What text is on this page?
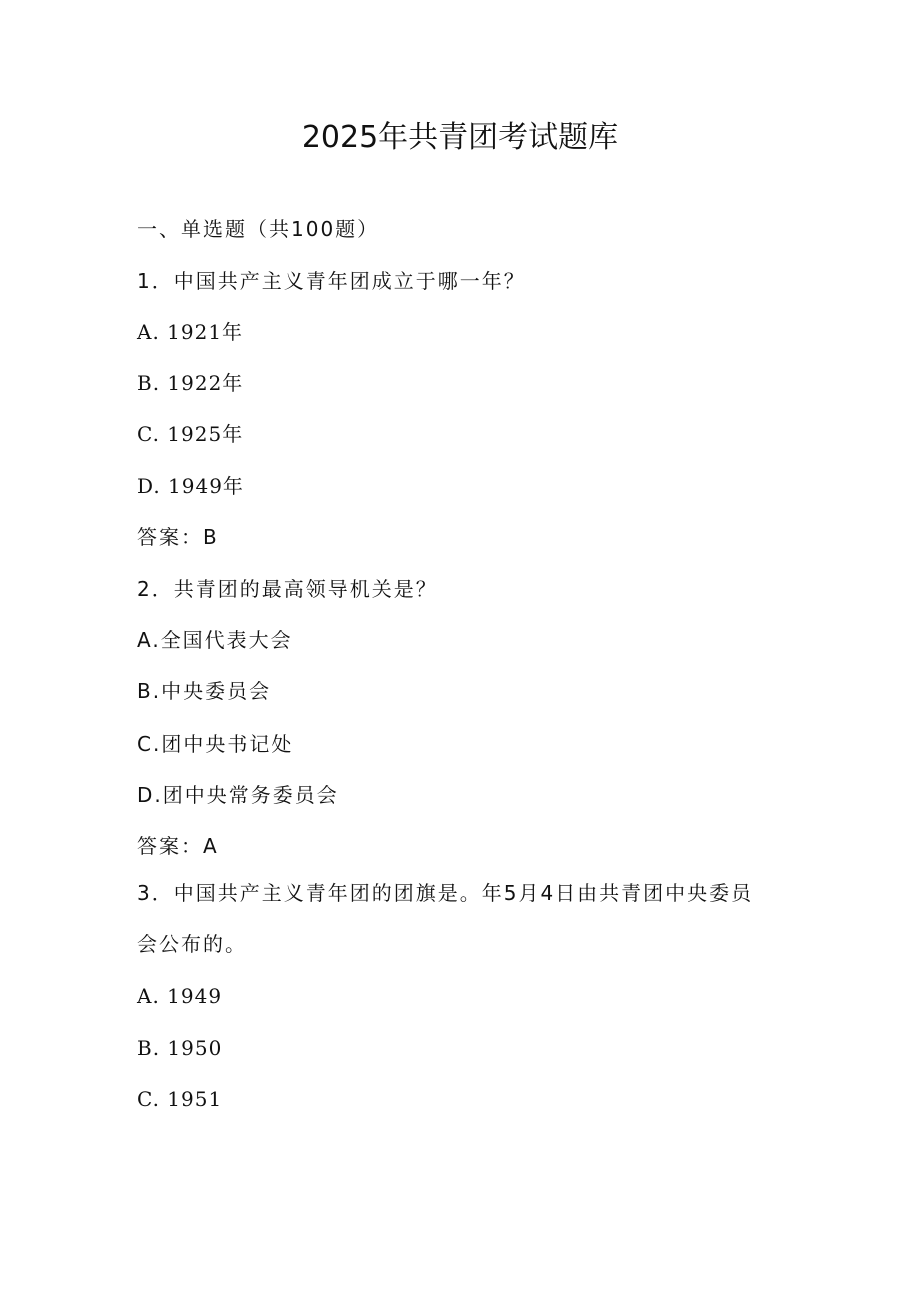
2025年共青团考试题库
一、单选题（共100题）
1．中国共产主义青年团成立于哪一年？
A. 1921年
B. 1922年
C. 1925年
D. 1949年
答案：B
2．共青团的最高领导机关是？
A.全国代表大会
B.中央委员会
C.团中央书记处
D.团中央常务委员会
答案：A
3．中国共产主义青年团的团旗是。年5月4日由共青团中央委员
会公布的。
A. 1949
B. 1950
C. 1951
